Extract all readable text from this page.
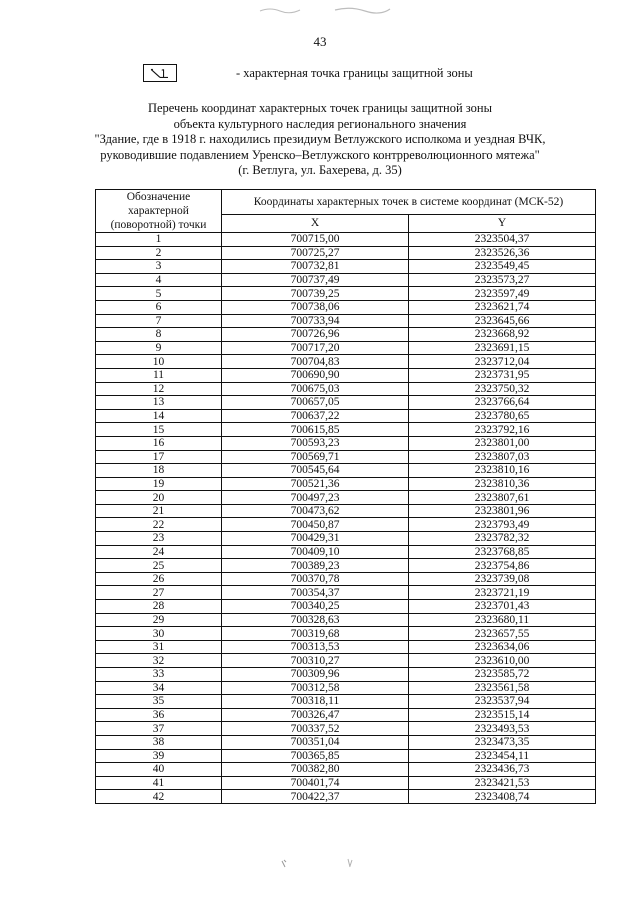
43
- характерная точка границы защитной зоны
Перечень координат характерных точек границы защитной зоны
объекта культурного наследия регионального значения
"Здание, где в 1918 г. находились президиум Ветлужского исполкома и уездная ВЧК,
руководившие подавлением Уренско–Ветлужского контрреволюционного мятежа"
(г. Ветлуга, ул. Бахерева, д. 35)
Обозначение характерной (поворотной) точки	Координаты характерных точек в системе координат (МСК-52)	
	X	Y
1	700715,00	2323504,37
2	700725,27	2323526,36
3	700732,81	2323549,45
4	700737,49	2323573,27
5	700739,25	2323597,49
6	700738,06	2323621,74
7	700733,94	2323645,66
8	700726,96	2323668,92
9	700717,20	2323691,15
10	700704,83	2323712,04
11	700690,90	2323731,95
12	700675,03	2323750,32
13	700657,05	2323766,64
14	700637,22	2323780,65
15	700615,85	2323792,16
16	700593,23	2323801,00
17	700569,71	2323807,03
18	700545,64	2323810,16
19	700521,36	2323810,36
20	700497,23	2323807,61
21	700473,62	2323801,96
22	700450,87	2323793,49
23	700429,31	2323782,32
24	700409,10	2323768,85
25	700389,23	2323754,86
26	700370,78	2323739,08
27	700354,37	2323721,19
28	700340,25	2323701,43
29	700328,63	2323680,11
30	700319,68	2323657,55
31	700313,53	2323634,06
32	700310,27	2323610,00
33	700309,96	2323585,72
34	700312,58	2323561,58
35	700318,11	2323537,94
36	700326,47	2323515,14
37	700337,52	2323493,53
38	700351,04	2323473,35
39	700365,85	2323454,11
40	700382,80	2323436,73
41	700401,74	2323421,53
42	700422,37	2323408,74
